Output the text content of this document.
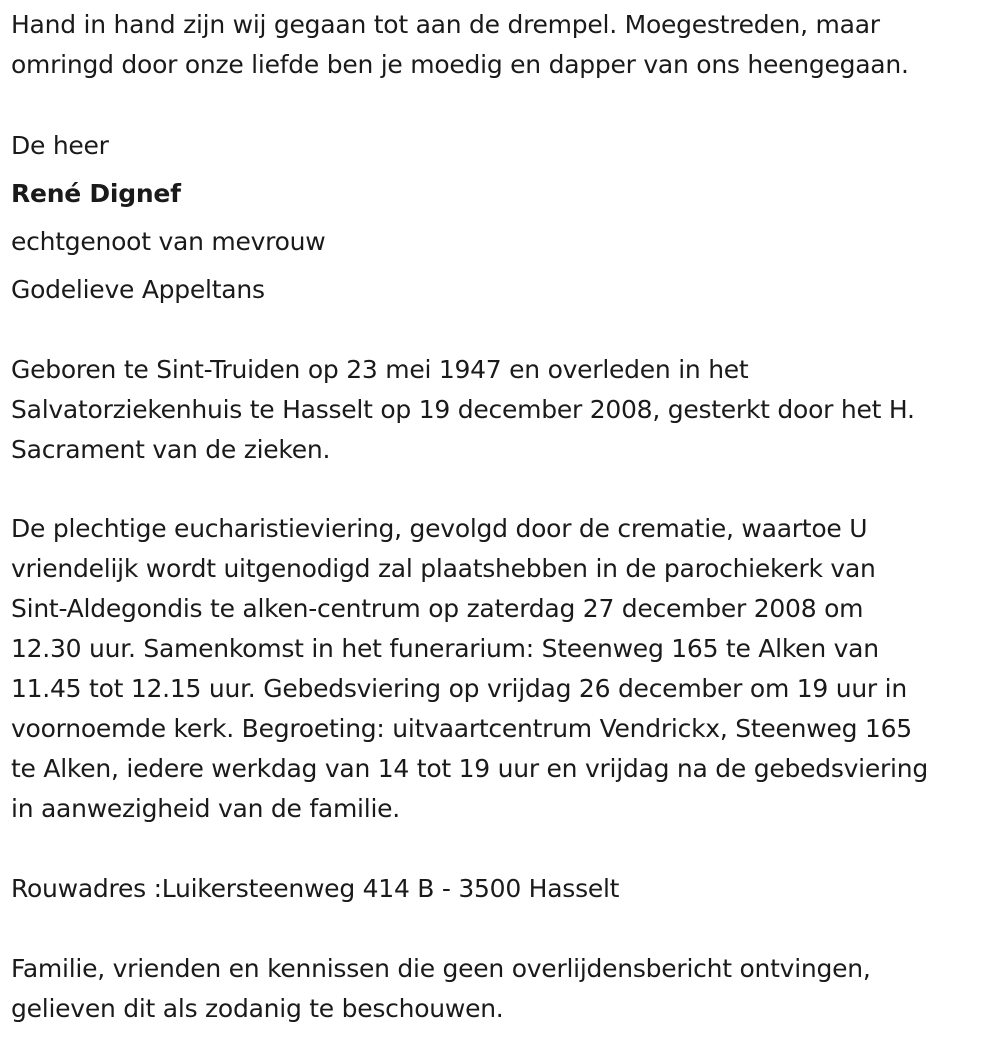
Hand in hand zijn wij gegaan tot aan de drempel. Moegestreden, maar

omringd door onze liefde ben je moedig en dapper van ons heengegaan.

De heer

René Dignef

echtgenoot van mevrouw

Godelieve Appeltans

Geboren te Sint-Truiden op 23 mei 1947 en overleden in het

Salvatorziekenhuis te Hasselt op 19 december 2008, gesterkt door het H.

Sacrament van de zieken.

De plechtige eucharistieviering, gevolgd door de crematie, waartoe U

vriendelijk wordt uitgenodigd zal plaatshebben in de parochiekerk van

Sint-Aldegondis te alken-centrum op zaterdag 27 december 2008 om

12.30 uur. Samenkomst in het funerarium: Steenweg 165 te Alken van

11.45 tot 12.15 uur. Gebedsviering op vrijdag 26 december om 19 uur in

voornoemde kerk. Begroeting: uitvaartcentrum Vendrickx, Steenweg 165

te Alken, iedere werkdag van 14 tot 19 uur en vrijdag na de gebedsviering

in aanwezigheid van de familie.

Rouwadres :Luikersteenweg 414 B - 3500 Hasselt

Familie, vrienden en kennissen die geen overlijdensbericht ontvingen,

gelieven dit als zodanig te beschouwen.
